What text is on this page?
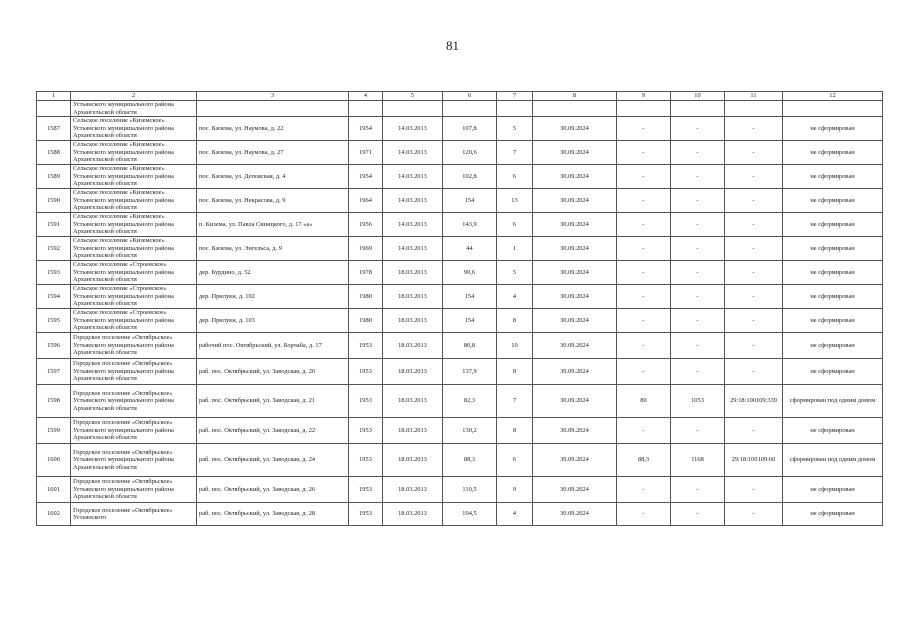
81
1	2	3	4	5	6	7	8	9	10	11	12
	Устьянского муниципального района Архангельской области										
1587	Сельское поселение «Киземское» Устьянского муниципального района Архангельской области	пос. Кизема, ул. Наумова, д. 22	1954	14.03.2013	107,8	5	30.09.2024	-	-	-	не сформирован
1588	Сельское поселение «Киземское» Устьянского муниципального района Архангельской области	пос. Кизема, ул. Наумова, д. 27	1971	14.03.2013	120,6	7	30.09.2024	-	-	-	не сформирован
1589	Сельское поселение «Киземское» Устьянского муниципального района Архангельской области	пос. Кизема, ул. Деповская, д. 4	1954	14.03.2013	102,8	6	30.09.2024	-	-	-	не сформирован
1590	Сельское поселение «Киземское» Устьянского муниципального района Архангельской области	пос. Кизема, ул. Некрасова, д. 9	1964	14.03.2013	154	13	30.09.2024	-	-	-	не сформирован
1591	Сельское поселение «Киземское» Устьянского муниципального района Архангельской области	п. Кизема, ул. Павла Синицкого, д. 17 «а»	1956	14.03.2013	143,9	6	30.09.2024	-	-	-	не сформирован
1592	Сельское поселение «Киземское» Устьянского муниципального района Архангельской области	пос. Кизема, ул. Энгельса, д. 9	1969	14.03.2013	44	1	30.09.2024	-	-	-	не сформирован
1593	Сельское поселение «Строевское» Устьянского муниципального района Архангельской области	дер. Бурдино, д. 52	1978	18.03.2013	90,6	5	30.09.2024	-	-	-	не сформирован
1594	Сельское поселение «Строевское» Устьянского муниципального района Архангельской области	дер. Прилуки, д. 102	1980	18.03.2013	154	4	30.09.2024	-	-	-	не сформирован
1595	Сельское поселение «Строевское» Устьянского муниципального района Архангельской области	дер. Прилуки, д. 103	1980	18.03.2013	154	8	30.09.2024	-	-	-	не сформирован
1596	Городское поселение «Октябрьское» Устьянского муниципального района Архангельской области	рабочий пос. Октябрьский, ул. Борчаба, д. 17	1953	18.03.2013	80,8	10	30.09.2024	-	-	-	не сформирован
1597	Городское поселение «Октябрьское» Устьянского муниципального района Архангельской области	раб. пос. Октябрьский, ул. Заводская, д. 20	1953	18.03.2013	137,9	8	30.09.2024	-	-	-	не сформирован
1598	Городское поселение «Октябрьское» Устьянского муниципального района Архангельской области	раб. пос. Октябрьский, ул. Заводская, д. 21	1953	18.03.2013	82,3	7	30.09.2024	80	1053	29:18:100109:339	сформирован под одним домом
1599	Городское поселение «Октябрьское» Устьянского муниципального района Архангельской области	раб. пос. Октябрьский, ул. Заводская, д. 22	1953	18.03.2013	130,2	8	30.09.2024	-	-	-	не сформирован
1600	Городское поселение «Октябрьское» Устьянского муниципального района Архангельской области	раб. пос. Октябрьский, ул. Заводская, д. 24	1953	18.03.2013	88,3	6	30.09.2024	88,3	1168	29:18:100109:60	сформирован под одним домом
1601	Городское поселение «Октябрьское» Устьянского муниципального района Архангельской области	раб. пос. Октябрьский, ул. Заводская, д. 26	1953	18.03.2013	110,5	9	30.09.2024	-	-	-	не сформирован
1602	Городское поселение «Октябрьское» Устьянского	раб. пос. Октябрьский, ул. Заводская, д. 28	1953	18.03.2013	104,5	4	30.09.2024	-	-	-	не сформирован
